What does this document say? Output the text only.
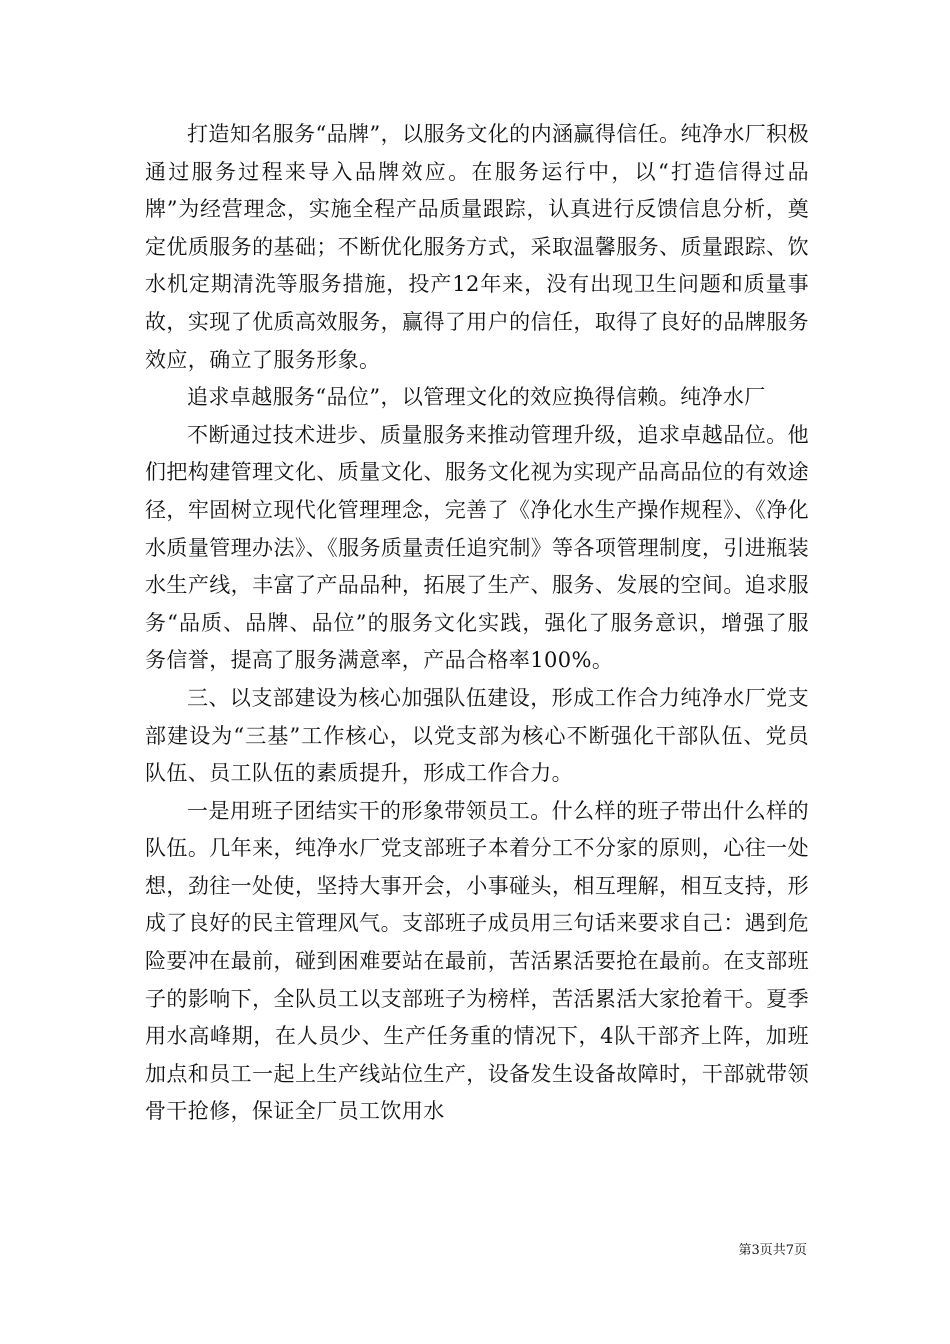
打造知名服务“品牌”，以服务文化的内涵赢得信任。纯净水厂积极通过服务过程来导入品牌效应。在服务运行中，以“打造信得过品牌”为经营理念，实施全程产品质量跟踪，认真进行反馈信息分析，奠定优质服务的基础；不断优化服务方式，采取温馨服务、质量跟踪、饮水机定期清洗等服务措施，投产12年来，没有出现卫生问题和质量事故，实现了优质高效服务，赢得了用户的信任，取得了良好的品牌服务效应，确立了服务形象。

追求卓越服务“品位”，以管理文化的效应换得信赖。纯净水厂

不断通过技术进步、质量服务来推动管理升级，追求卓越品位。他们把构建管理文化、质量文化、服务文化视为实现产品高品位的有效途径，牢固树立现代化管理理念，完善了《净化水生产操作规程》、《净化水质量管理办法》、《服务质量责任追究制》等各项管理制度，引进瓶装水生产线，丰富了产品品种，拓展了生产、服务、发展的空间。追求服务“品质、品牌、品位”的服务文化实践，强化了服务意识，增强了服务信誉，提高了服务满意率，产品合格率100%。

三、以支部建设为核心加强队伍建设，形成工作合力纯净水厂党支部建设为“三基”工作核心，以党支部为核心不断强化干部队伍、党员队伍、员工队伍的素质提升，形成工作合力。

一是用班子团结实干的形象带领员工。什么样的班子带出什么样的队伍。几年来，纯净水厂党支部班子本着分工不分家的原则，心往一处想，劲往一处使，坚持大事开会，小事碰头，相互理解，相互支持，形成了良好的民主管理风气。支部班子成员用三句话来要求自己：遇到危险要冲在最前，碰到困难要站在最前，苦活累活要抢在最前。在支部班子的影响下，全队员工以支部班子为榜样，苦活累活大家抢着干。夏季用水高峰期，在人员少、生产任务重的情况下，4队干部齐上阵，加班加点和员工一起上生产线站位生产，设备发生设备故障时，干部就带领骨干抢修，保证全厂员工饮用水

第3页共7页
